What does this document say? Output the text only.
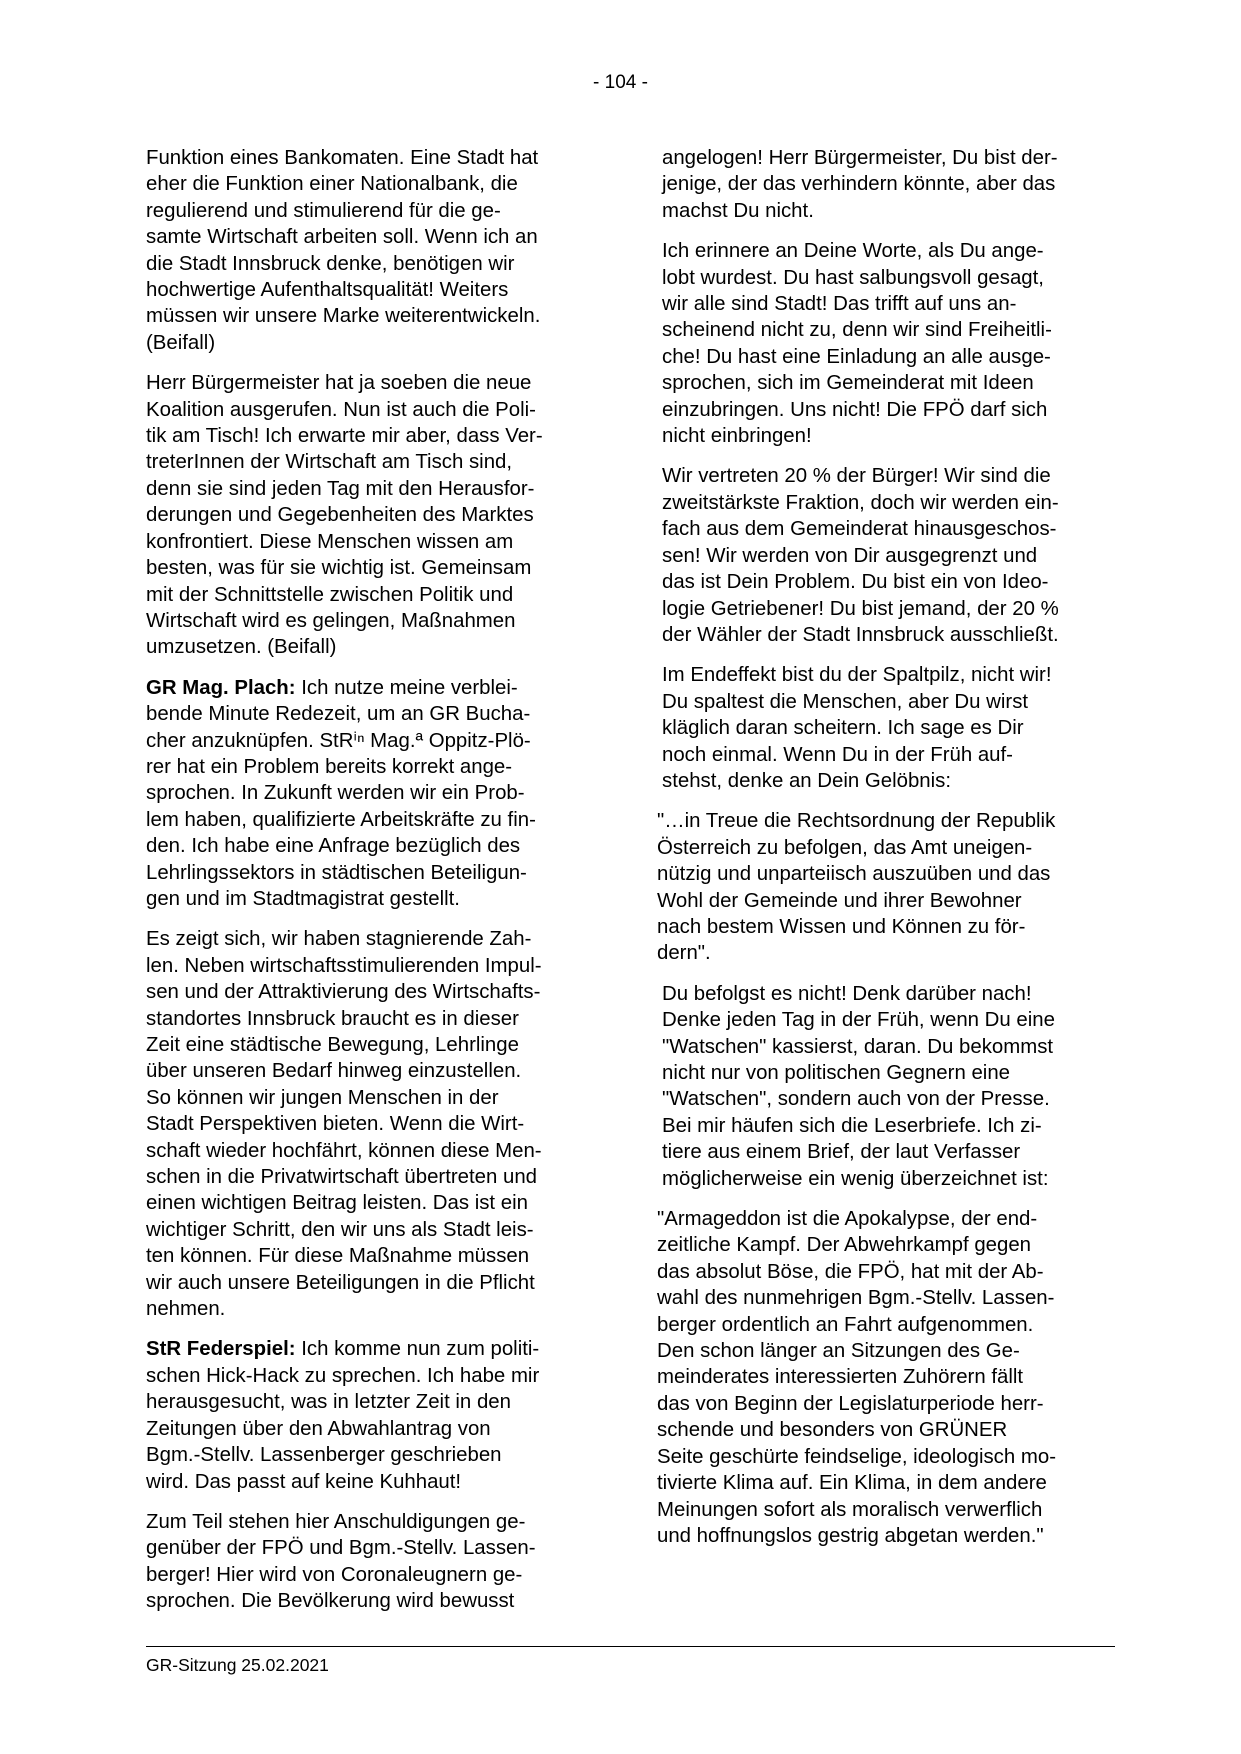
- 104 -

Funktion eines Bankomaten. Eine Stadt hat
eher die Funktion einer Nationalbank, die
regulierend und stimulierend für die ge-
samte Wirtschaft arbeiten soll. Wenn ich an
die Stadt Innsbruck denke, benötigen wir
hochwertige Aufenthaltsqualität! Weiters
müssen wir unsere Marke weiterentwickeln.
(Beifall)

Herr Bürgermeister hat ja soeben die neue
Koalition ausgerufen. Nun ist auch die Poli-
tik am Tisch! Ich erwarte mir aber, dass Ver-
treterInnen der Wirtschaft am Tisch sind,
denn sie sind jeden Tag mit den Herausfor-
derungen und Gegebenheiten des Marktes
konfrontiert. Diese Menschen wissen am
besten, was für sie wichtig ist. Gemeinsam
mit der Schnittstelle zwischen Politik und
Wirtschaft wird es gelingen, Maßnahmen
umzusetzen. (Beifall)

GR Mag. Plach: Ich nutze meine verblei-
bende Minute Redezeit, um an GR Bucha-
cher anzuknüpfen. StRⁱⁿ Mag.ª Oppitz-Plö-
rer hat ein Problem bereits korrekt ange-
sprochen. In Zukunft werden wir ein Prob-
lem haben, qualifizierte Arbeitskräfte zu fin-
den. Ich habe eine Anfrage bezüglich des
Lehrlingssektors in städtischen Beteiligun-
gen und im Stadtmagistrat gestellt.

Es zeigt sich, wir haben stagnierende Zah-
len. Neben wirtschaftsstimulierenden Impul-
sen und der Attraktivierung des Wirtschafts-
standortes Innsbruck braucht es in dieser
Zeit eine städtische Bewegung, Lehrlinge
über unseren Bedarf hinweg einzustellen.
So können wir jungen Menschen in der
Stadt Perspektiven bieten. Wenn die Wirt-
schaft wieder hochfährt, können diese Men-
schen in die Privatwirtschaft übertreten und
einen wichtigen Beitrag leisten. Das ist ein
wichtiger Schritt, den wir uns als Stadt leis-
ten können. Für diese Maßnahme müssen
wir auch unsere Beteiligungen in die Pflicht
nehmen.

StR Federspiel: Ich komme nun zum politi-
schen Hick-Hack zu sprechen. Ich habe mir
herausgesucht, was in letzter Zeit in den
Zeitungen über den Abwahlantrag von
Bgm.-Stellv. Lassenberger geschrieben
wird. Das passt auf keine Kuhhaut!

Zum Teil stehen hier Anschuldigungen ge-
genüber der FPÖ und Bgm.-Stellv. Lassen-
berger! Hier wird von Coronaleugnern ge-
sprochen. Die Bevölkerung wird bewusst

angelogen! Herr Bürgermeister, Du bist der-
jenige, der das verhindern könnte, aber das
machst Du nicht.

Ich erinnere an Deine Worte, als Du ange-
lobt wurdest. Du hast salbungsvoll gesagt,
wir alle sind Stadt! Das trifft auf uns an-
scheinend nicht zu, denn wir sind Freiheitli-
che! Du hast eine Einladung an alle ausge-
sprochen, sich im Gemeinderat mit Ideen
einzubringen. Uns nicht! Die FPÖ darf sich
nicht einbringen!

Wir vertreten 20 % der Bürger! Wir sind die
zweitstärkste Fraktion, doch wir werden ein-
fach aus dem Gemeinderat hinausgeschos-
sen! Wir werden von Dir ausgegrenzt und
das ist Dein Problem. Du bist ein von Ideo-
logie Getriebener! Du bist jemand, der 20 %
der Wähler der Stadt Innsbruck ausschließt.

Im Endeffekt bist du der Spaltpilz, nicht wir!
Du spaltest die Menschen, aber Du wirst
kläglich daran scheitern. Ich sage es Dir
noch einmal. Wenn Du in der Früh auf-
stehst, denke an Dein Gelöbnis:

"…in Treue die Rechtsordnung der Republik
Österreich zu befolgen, das Amt uneigen-
nützig und unparteiisch auszuüben und das
Wohl der Gemeinde und ihrer Bewohner
nach bestem Wissen und Können zu för-
dern".

Du befolgst es nicht! Denk darüber nach!
Denke jeden Tag in der Früh, wenn Du eine
"Watschen" kassierst, daran. Du bekommst
nicht nur von politischen Gegnern eine
"Watschen", sondern auch von der Presse.
Bei mir häufen sich die Leserbriefe. Ich zi-
tiere aus einem Brief, der laut Verfasser
möglicherweise ein wenig überzeichnet ist:

"Armageddon ist die Apokalypse, der end-
zeitliche Kampf. Der Abwehrkampf gegen
das absolut Böse, die FPÖ, hat mit der Ab-
wahl des nunmehrigen Bgm.-Stellv. Lassen-
berger ordentlich an Fahrt aufgenommen.
Den schon länger an Sitzungen des Ge-
meinderates interessierten Zuhörern fällt
das von Beginn der Legislaturperiode herr-
schende und besonders von GRÜNER
Seite geschürte feindselige, ideologisch mo-
tivierte Klima auf. Ein Klima, in dem andere
Meinungen sofort als moralisch verwerflich
und hoffnungslos gestrig abgetan werden."

GR-Sitzung 25.02.2021
